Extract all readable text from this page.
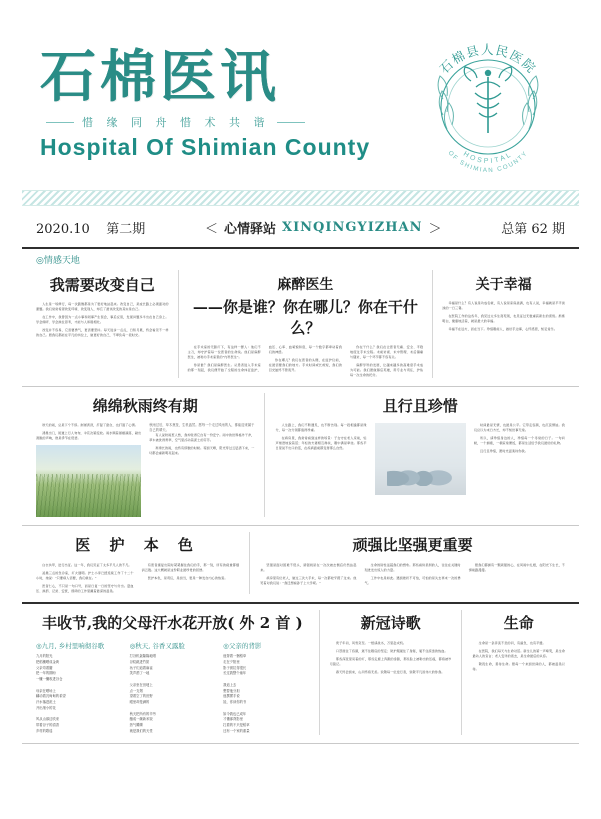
石棉医讯
惜 缘 同 舟 惜 术 共 谐
Hospital Of Shimian County
石棉县人民医院
HOSPITAL
OF SHIMIAN COUNTY
2020.10 第二期	＜ 心情驿站 XINQINGYIZHAN ＞	总第 62 期
◎情感天地
我需要改变自己

人生是一场修行，每一次跌倒都是为了更好地站起来。改变自己，是成长路上必须面对的课题。我们常常希望改变环境、改变别人，却忘了最该改变的其实是自己。

在工作中，我曾因为一点小事和同事产生误会，事后反思，发现问题多半出在自己身上。学会倾听、学会换位思考，才能与人和睦相处。

改变并不容易，它需要勇气，更需要坚持。每天进步一点点，日积月累，终会看见不一样的自己。愿我们都能在平凡的岗位上，做更好的自己，不辜负每一段时光。

麻醉医生
——你是谁？你在哪儿？你在干什么？

在手术室的无影灯下，有这样一群人：他们不主刀，却守护着每一位患者的生命线。他们是麻醉医生，被称为手术室里的"内科医生"。

你是谁？我们是麻醉医生。从患者进入手术室的那一刻起，我们便开始了全程的生命体征监护，血压、心率、血氧饱和度，每一个数字都牵动着我们的神经。

你在哪儿？我们在患者的头侧，在监护仪前，在最需要我们的地方。手术时间或长或短，我们的目光始终不曾离开。

你在干什么？我们在让患者无痛、安全、平稳地度过手术全程。术前访视、术中管理、术后镇痛与随访，每一个环节都不容有失。

麻醉学科的发展，让越来越多的高难度手术成为可能。我们愿做幕后英雄，用专业与责任，护佑每一次生命的托付。

关于幸福

幸福是什么？有人说是功成名就，有人说是家庭美满，也有人说，幸福就是平平淡淡的一日三餐。

在医院工作的这些年，我见过太多生离死别，也见证过无数重获新生的喜悦。渐渐明白，健康地活着，就是最大的幸福。

幸福不在远方，而在当下。珍惜眼前人，做好手边事，心怀感恩，知足常乐。

绵绵秋雨终有期

秋天的雨，总是下个不停。淅淅沥沥，打湿了窗台，也打湿了心情。

清晨出门，街道上行人匆匆，伞花次第绽放。雨水顺着屋檐滴落，敲出清脆的声响，像是季节在低语。

秋雨过后，草木葱茏，生机盎然。愿每一个走过风雨的人，都能迎来属于自己的晴天。

有人说秋雨惹人愁，我却觉得它自有一份安宁。雨中的世界格外干净，草木被洗得青翠，空气里浮动着泥土的芬芳。

再绵长的雨，也终有停歇的时候。等到天晴，阳光穿过云层洒下来，一切都会重新明亮起来。

且行且珍惜

人生路上，我们不断遇见，也不断告别。每一段相逢都是缘分，每一次分别都值得珍重。

在病房里，我常常看到这样的场景：子女守在老人床前，轻声细语地说着话；年轻的夫妻相互搀扶，眼中满是牵挂。那些平日里说不出口的话，在疾病面前都变得那么自然。

时间最是无情，也最是公平。它带走容颜，也沉淀情谊。我们总以为来日方长，却不知世事无常。

所以，请珍惜身边的人，珍惜每一个寻常的日子。一句问候，一个拥抱，一顿家常便饭，都是生活给予我们最好的礼物。

且行且珍惜，愿时光温柔待你我。

医 护 本 色

白衣执甲，逆行出征。这一年，我们见证了太多平凡人的不凡。

凌晨三点的急诊室，灯火通明。护士小李已经连续工作了十二个小时，她说："只要病人需要，我们就在。"

医者仁心，不只是一句口号，而是日复一日的坚守与付出。量血压、换药、记录、安抚，琐碎的工作里藏着最深的温柔。

有患者康复出院时紧紧握住我们的手，那一刻，所有的疲惫都烟消云散。这大概就是这份职业最珍贵的回馈。

医护本色，是责任，是担当，更是一种发自内心的热爱。

顽强比坚强更重要

坚强是面对困难不低头，顽强则是在一次次被击倒后仍然站起来。

病房里有位老人，做过三次大手术，每一次都咬牙挺了过来。他笑着对我们说："我还想看孙子上大学呢。"

生命的韧性远超我们的想象。那些看似柔弱的人，往往在关键时刻迸发出惊人的力量。

工作中也是如此。遇到挫折不可怕，可怕的是失去再来一次的勇气。

愿我们都拥有一颗顽强的心，在风雨中扎根，在阳光下生长，不惧前路漫漫。

丰收节,我的父母汗水花开放( 外 2 首 )
◎九月, 乡村里响彻谷歌
九月的阳光
把稻穗晒成金黄
父亲弯着腰
把一年的期盼
一镰一镰收进谷仓

母亲在晒场上
翻动着沉甸甸的希望
汗水落进泥土
开出细小的花

风从山那边吹来
带着谷子的清香
乡村的歌谣
◎秋天, 谷香又露脸
打谷机轰隆隆地唱
谷粒跳进竹筐
孩子们追着麻雀
笑声洒了一地

父亲坐在田埂上
点一支烟
望着空了的田野
眼里却是满的

秋天把所有的辛劳
酿成一碗新米饭
热气腾腾
就是我们的天堂
◎父亲的背影
他背着一捆稻草
走在夕阳里
影子被拉得很长
长过我整个童年

我追上去
想替他分担
他摆摆手说
娃，你读你的书

如今我也已成年
才懂那背影里
扛着的不只是稻草
还有一个家的重量
新冠诗歌

庚子年初，风雪突至。一纸请战书，万里赴戎机。

口罩遮住了容颜，遮不住眼底的坚定；防护服裹住了身躯，裹不住滚烫的热血。

那些深夜里亮着的灯，那些走廊上奔跑的身影，那些脸上被勒出的压痕，都将被岁月铭记。

春天终会到来，山河终将无恙。致敬每一位逆行者，致敬平凡而伟大的你我。

生命

生命是一条奔流不息的河，有湍急，也有平缓。

在医院，我们每天与生命对话。新生儿的第一声啼哭，是生命最动人的宣言；老人安详的离去，是生命最后的从容。

敬畏生命，善待生命。愿每一个来到世间的人，都被温柔以待。
